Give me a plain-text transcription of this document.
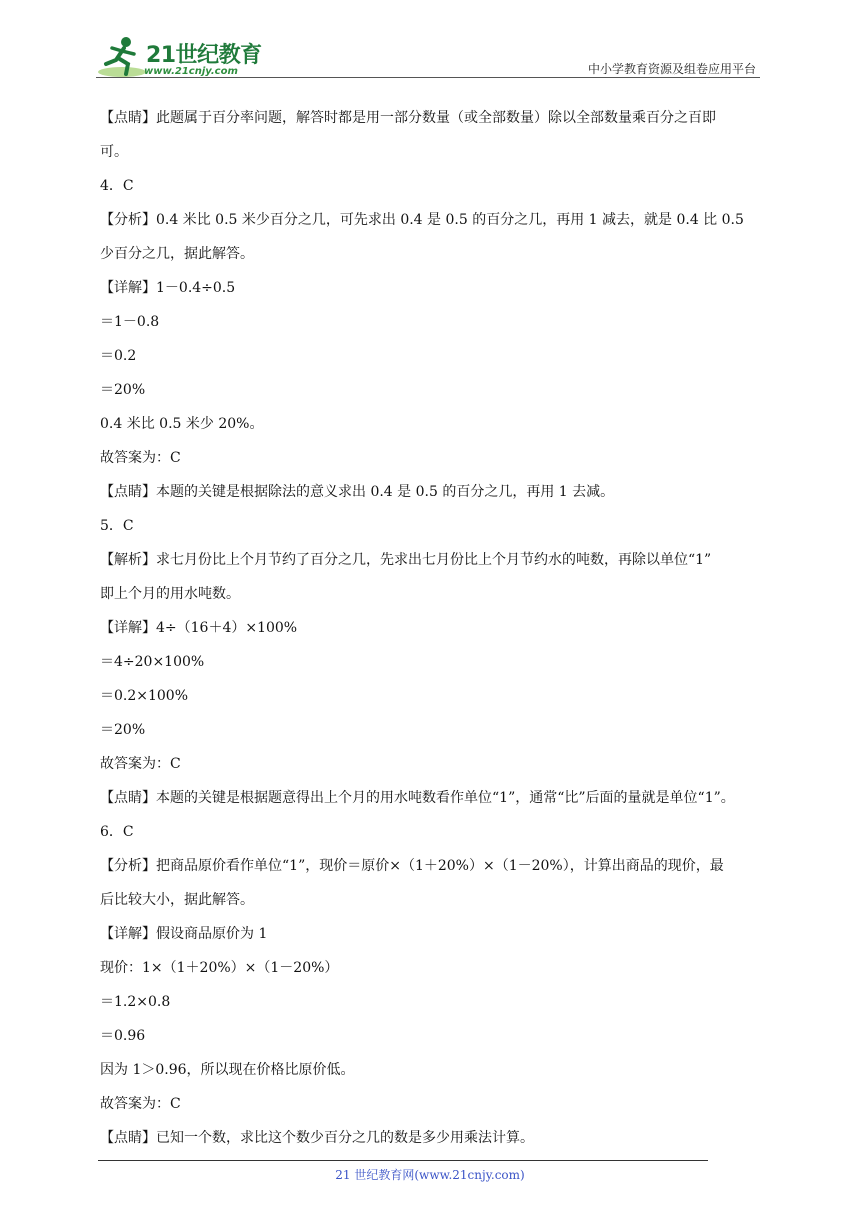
21世纪教育
www.21cnjy.com	中小学教育资源及组卷应用平台
【点睛】此题属于百分率问题，解答时都是用一部分数量（或全部数量）除以全部数量乘百分之百即
可。
4．C
【分析】0.4 米比 0.5 米少百分之几，可先求出 0.4 是 0.5 的百分之几，再用 1 减去，就是 0.4 比 0.5
少百分之几，据此解答。
【详解】1－0.4÷0.5
＝1－0.8
＝0.2
＝20%
0.4 米比 0.5 米少 20%。
故答案为：C
【点睛】本题的关键是根据除法的意义求出 0.4 是 0.5 的百分之几，再用 1 去减。
5．C
【解析】求七月份比上个月节约了百分之几，先求出七月份比上个月节约水的吨数，再除以单位“1”
即上个月的用水吨数。
【详解】4÷（16＋4）×100%
＝4÷20×100%
＝0.2×100%
＝20%
故答案为：C
【点睛】本题的关键是根据题意得出上个月的用水吨数看作单位“1”，通常“比”后面的量就是单位“1”。
6．C
【分析】把商品原价看作单位“1”，现价＝原价×（1＋20%）×（1－20%），计算出商品的现价，最
后比较大小，据此解答。
【详解】假设商品原价为 1
现价：1×（1＋20%）×（1－20%）
＝1.2×0.8
＝0.96
因为 1＞0.96，所以现在价格比原价低。
故答案为：C
【点睛】已知一个数，求比这个数少百分之几的数是多少用乘法计算。
21 世纪教育网(www.21cnjy.com)
